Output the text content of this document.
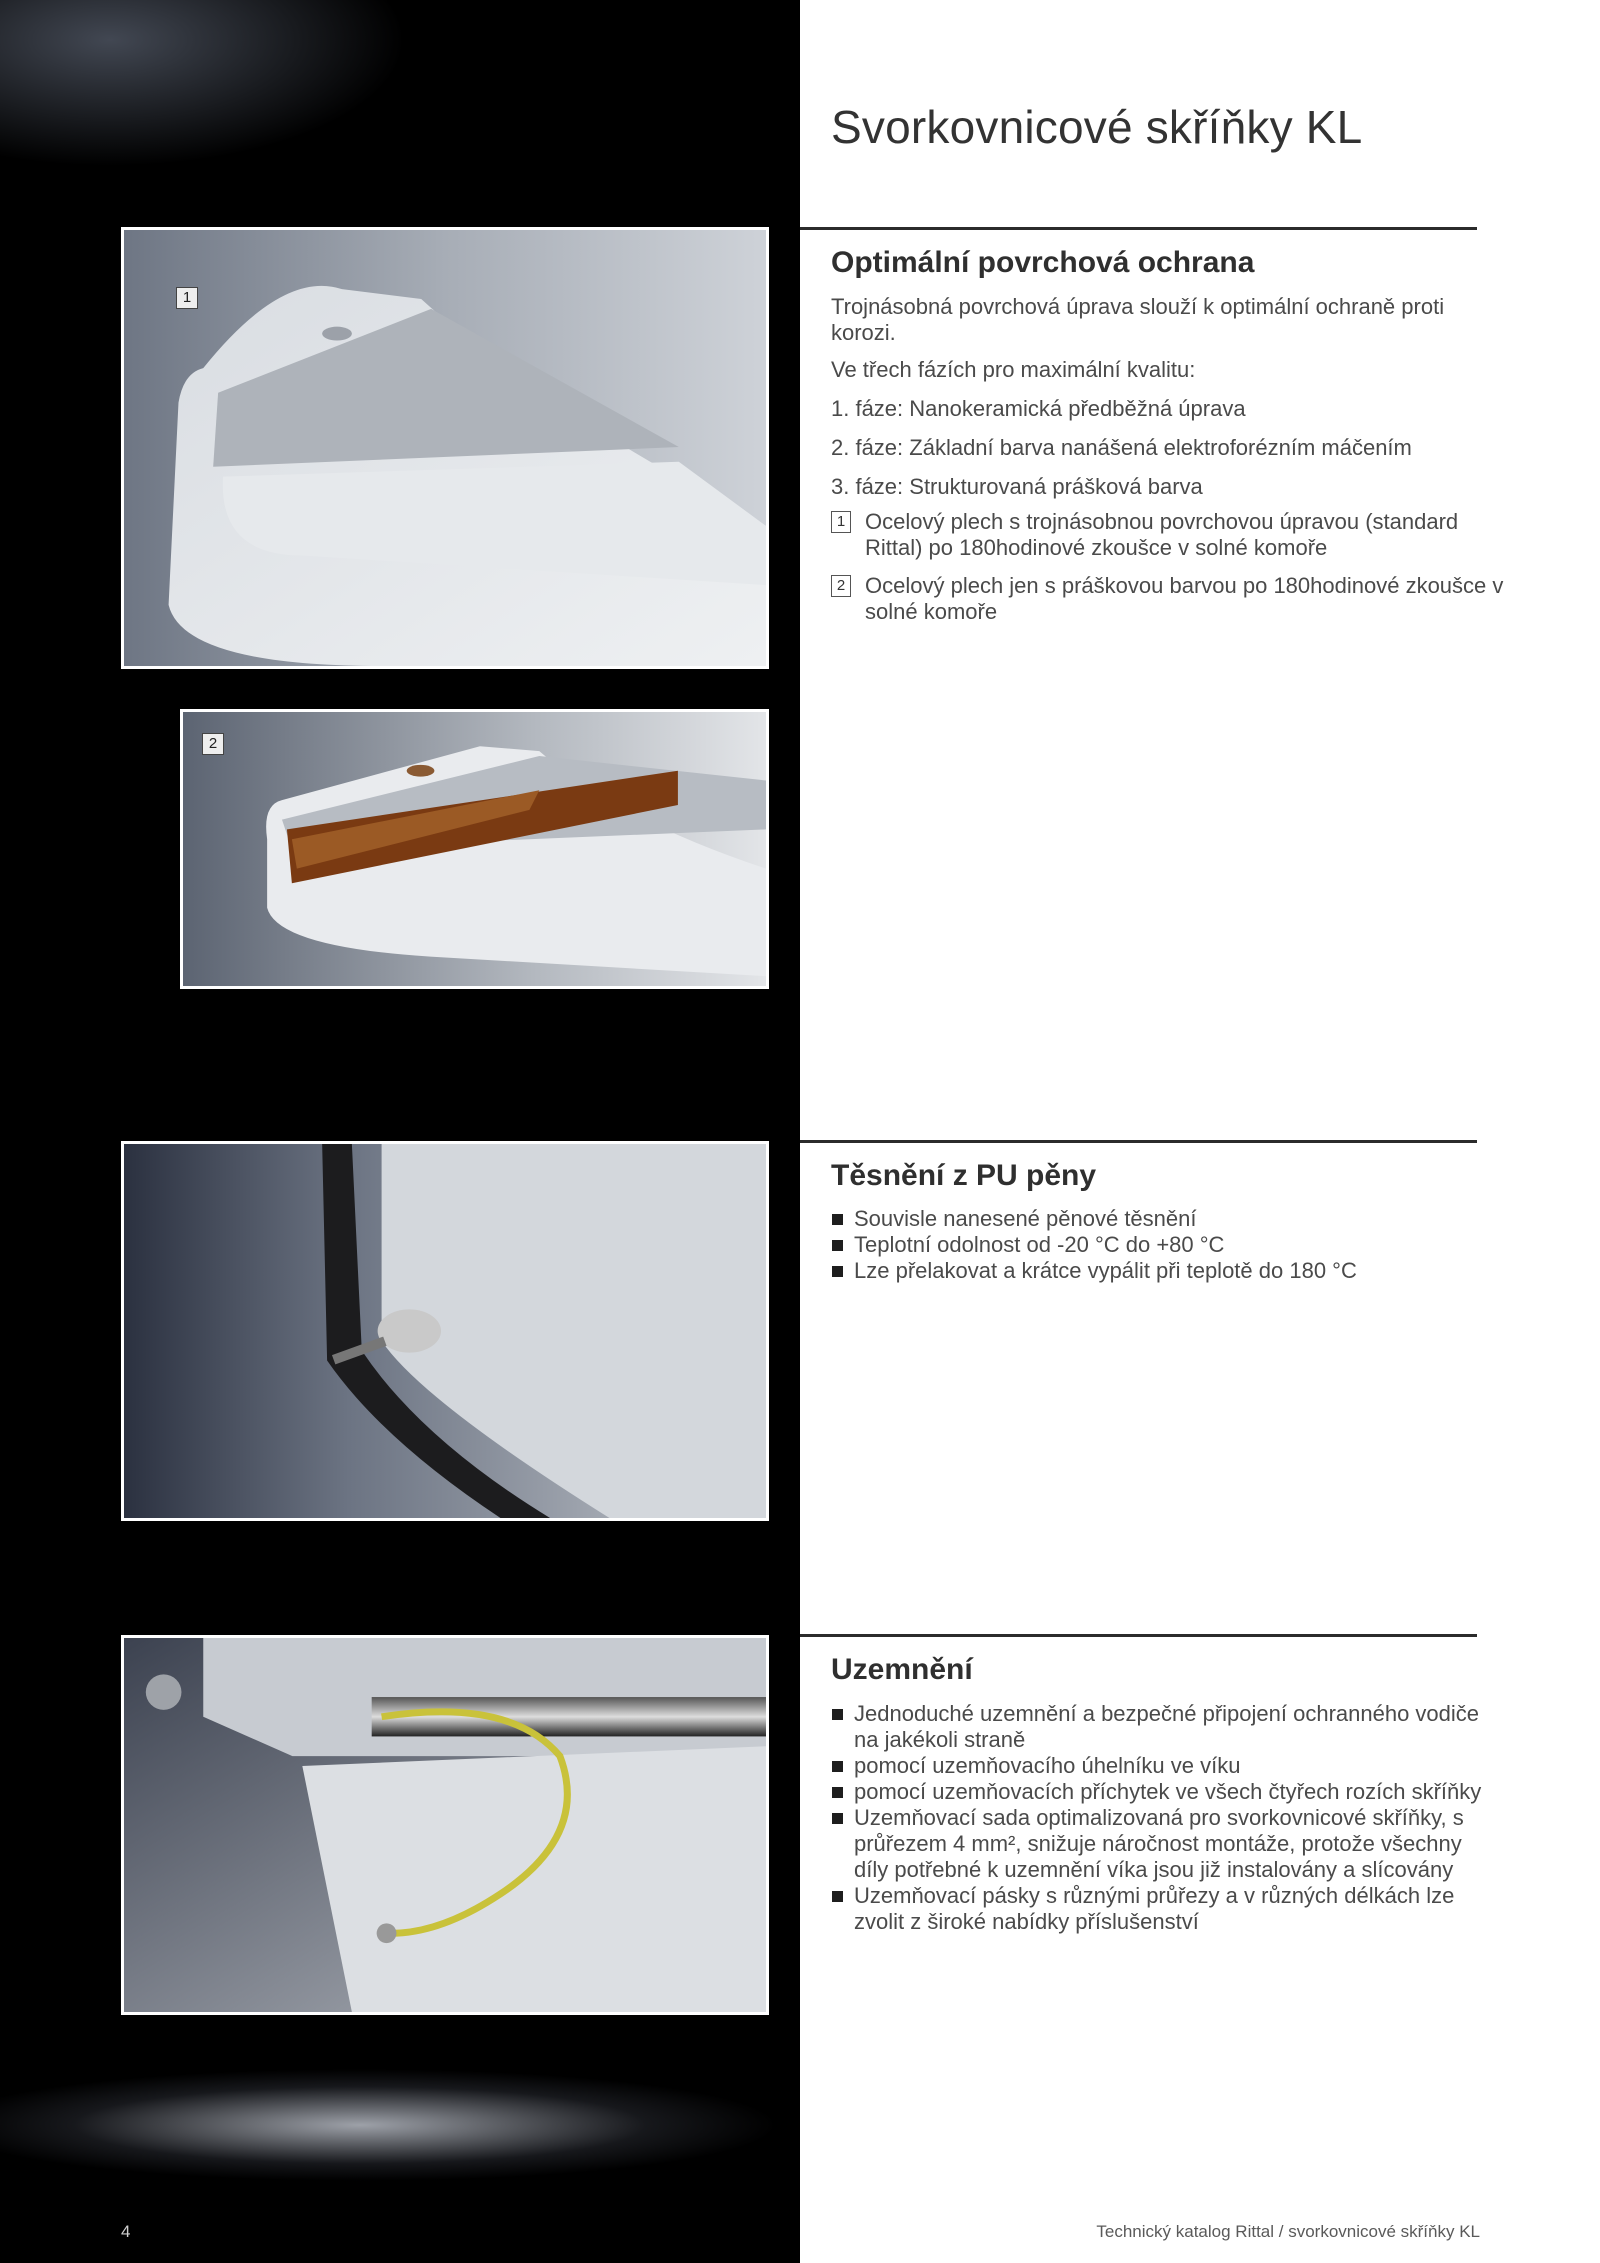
1
2
Svorkovnicové skříňky KL
Optimální povrchová ochrana

Trojnásobná povrchová úprava slouží k optimální ochraně proti korozi.

Ve třech fázích pro maximální kvalitu:

1. fáze: Nanokeramická předběžná úprava

2. fáze: Základní barva nanášená elektroforézním máčením

3. fáze: Strukturovaná prášková barva

1 Ocelový plech s trojnásobnou povrchovou úpravou (standard Rittal) po 180hodinové zkoušce v solné komoře
2 Ocelový plech jen s práškovou barvou po 180hodinové zkoušce v solné komoře
Těsnění z PU pěny
Souvisle nanesené pěnové těsnění
Teplotní odolnost od -20 °C do +80 °C
Lze přelakovat a krátce vypálit při teplotě do 180 °C
Uzemnění
Jednoduché uzemnění a bezpečné připojení ochranného vodiče na jakékoli straně
pomocí uzemňovacího úhelníku ve víku
pomocí uzemňovacích příchytek ve všech čtyřech rozích skříňky
Uzemňovací sada optimalizovaná pro svorkovnicové skříňky, s průřezem 4 mm², snižuje náročnost montáže, protože všechny díly potřebné k uzemnění víka jsou již instalovány a slícovány
Uzemňovací pásky s různými průřezy a v různých délkách lze zvolit z široké nabídky příslušenství
4	Technický katalog Rittal / svorkovnicové skříňky KL
